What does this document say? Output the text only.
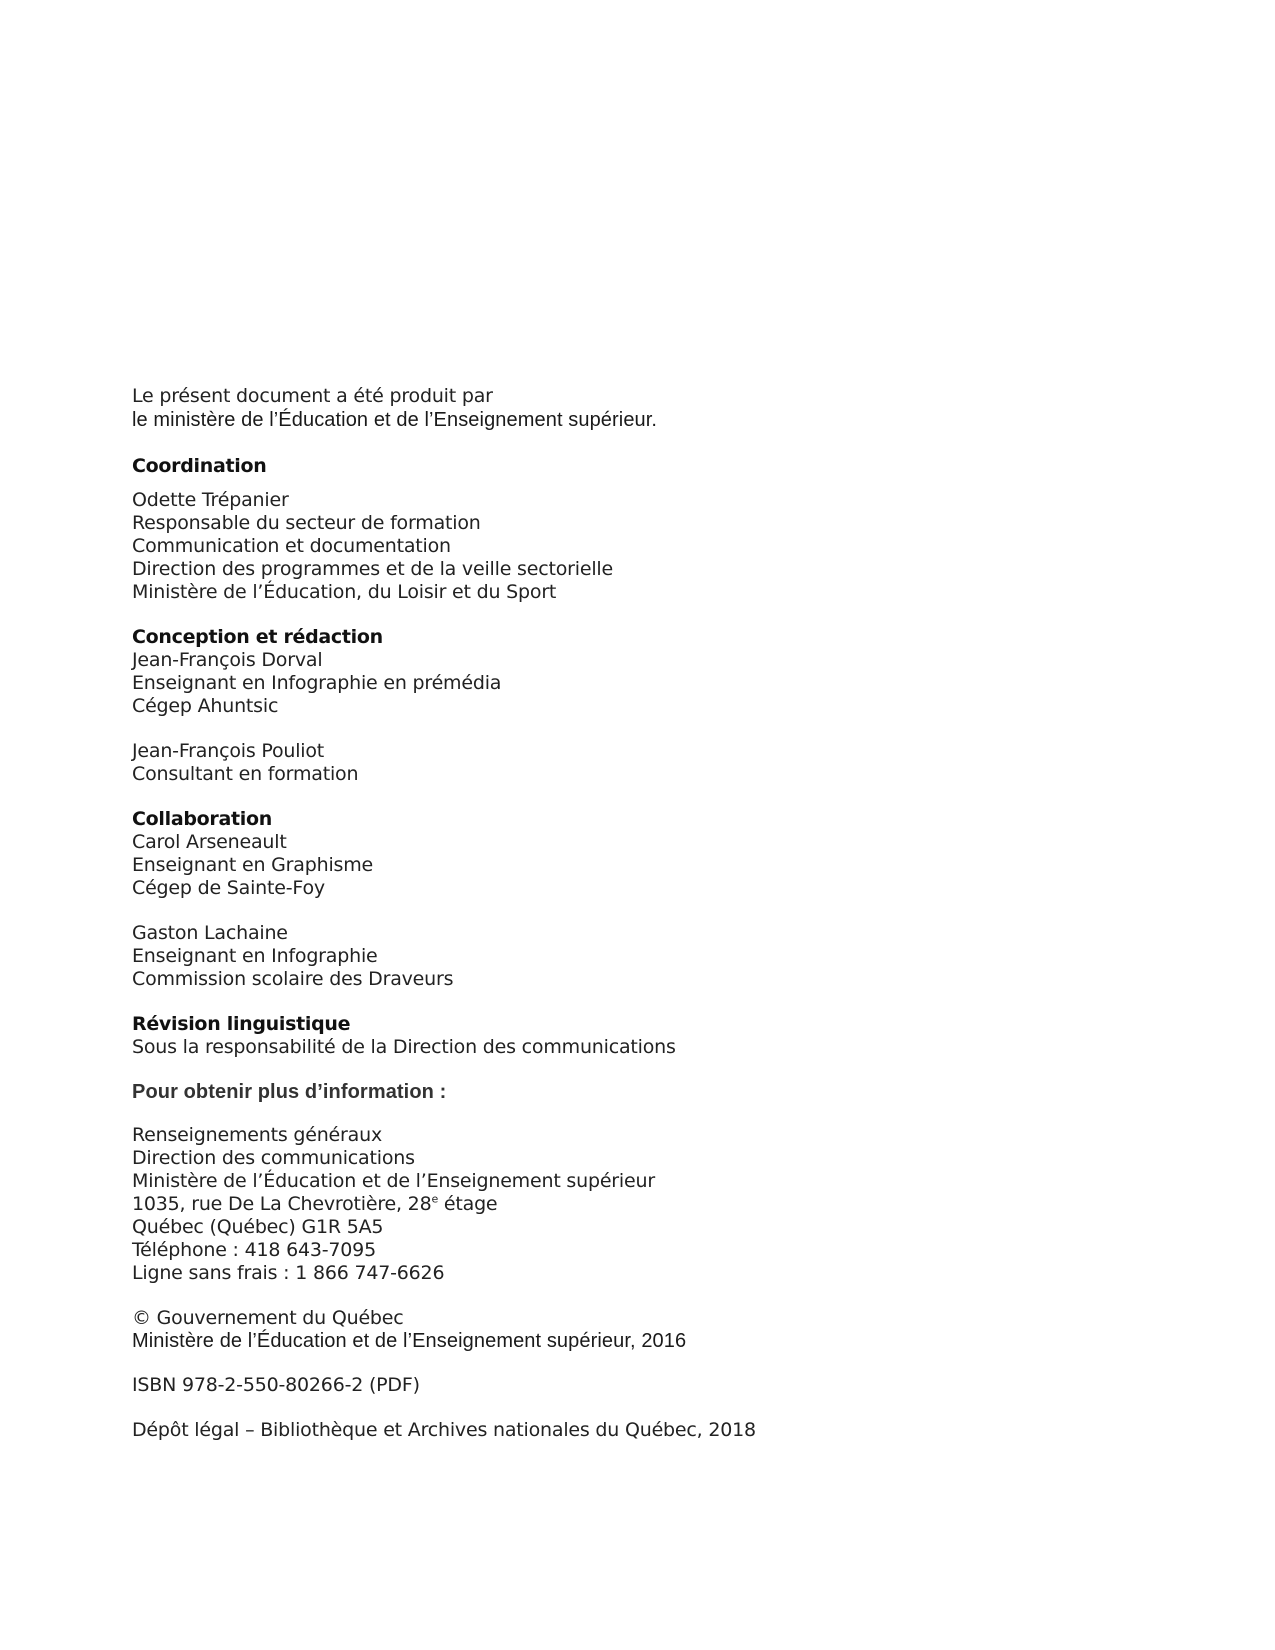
Le présent document a été produit par
le ministère de l’Éducation et de l’Enseignement supérieur.
Coordination
Odette Trépanier
Responsable du secteur de formation
Communication et documentation
Direction des programmes et de la veille sectorielle
Ministère de l’Éducation, du Loisir et du Sport
Conception et rédaction
Jean-François Dorval
Enseignant en Infographie en prémédia
Cégep Ahuntsic
Jean-François Pouliot
Consultant en formation
Collaboration
Carol Arseneault
Enseignant en Graphisme
Cégep de Sainte-Foy
Gaston Lachaine
Enseignant en Infographie
Commission scolaire des Draveurs
Révision linguistique
Sous la responsabilité de la Direction des communications
Pour obtenir plus d’information :
Renseignements généraux
Direction des communications
Ministère de l’Éducation et de l’Enseignement supérieur
1035, rue De La Chevrotière, 28e étage
Québec (Québec) G1R 5A5
Téléphone : 418 643-7095
Ligne sans frais : 1 866 747-6626
© Gouvernement du Québec
Ministère de l’Éducation et de l’Enseignement supérieur, 2016
ISBN 978-2-550-80266-2 (PDF)
Dépôt légal – Bibliothèque et Archives nationales du Québec, 2018
